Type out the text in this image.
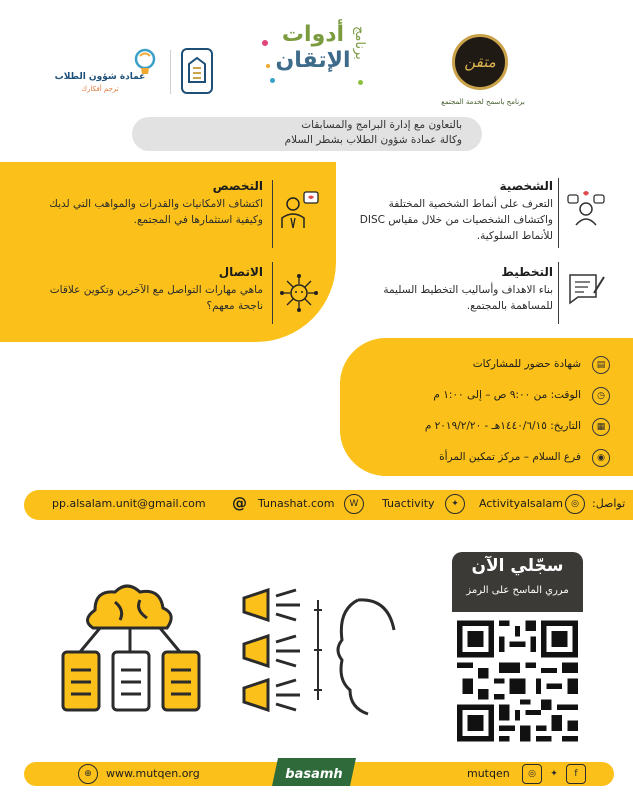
متقن
برنامج باسمح لخدمة المجتمع
برنامج
أدوات
الإتقان
عمادة شؤون الطلاب
ترجم أفكارك
بالتعاون مع إدارة البرامج والمسابقات
وكالة عمادة شؤون الطلاب بشطر السلام
الشخصية
التعرف على أنماط الشخصية المختلفة واكتشاف الشخصيات من خلال مقياس DISC للأنماط السلوكية.
التخطيط
بناء الاهداف وأساليب التخطيط السليمة للمساهمة بالمجتمع.
التخصص
اكتشاف الامكانيات والقدرات والمواهب التي لديك وكيفية استثمارها في المجتمع.
الاتصال
ماهي مهارات التواصل مع الآخرين وتكوين علاقات ناجحة معهم؟
▤
شهادة حضور للمشاركات
◷
الوقت: من ٩:٠٠ ص – إلى ١:٠٠ م
▦
التاريخ: ١٤٤٠/٦/١٥هـ - ٢٠١٩/٢/٢٠ م
◉
فرع السلام – مركز تمكين المرأة
تواصل:
◎
Activityalsalam
✦
Tuactivity
W
Tunashat.com
@
pp.alsalam.unit@gmail.com
سجّلي الآن
مرري الماسح على الرمز
⊕	www.mutqen.org	basamh	mutqen	◎	✦	f
